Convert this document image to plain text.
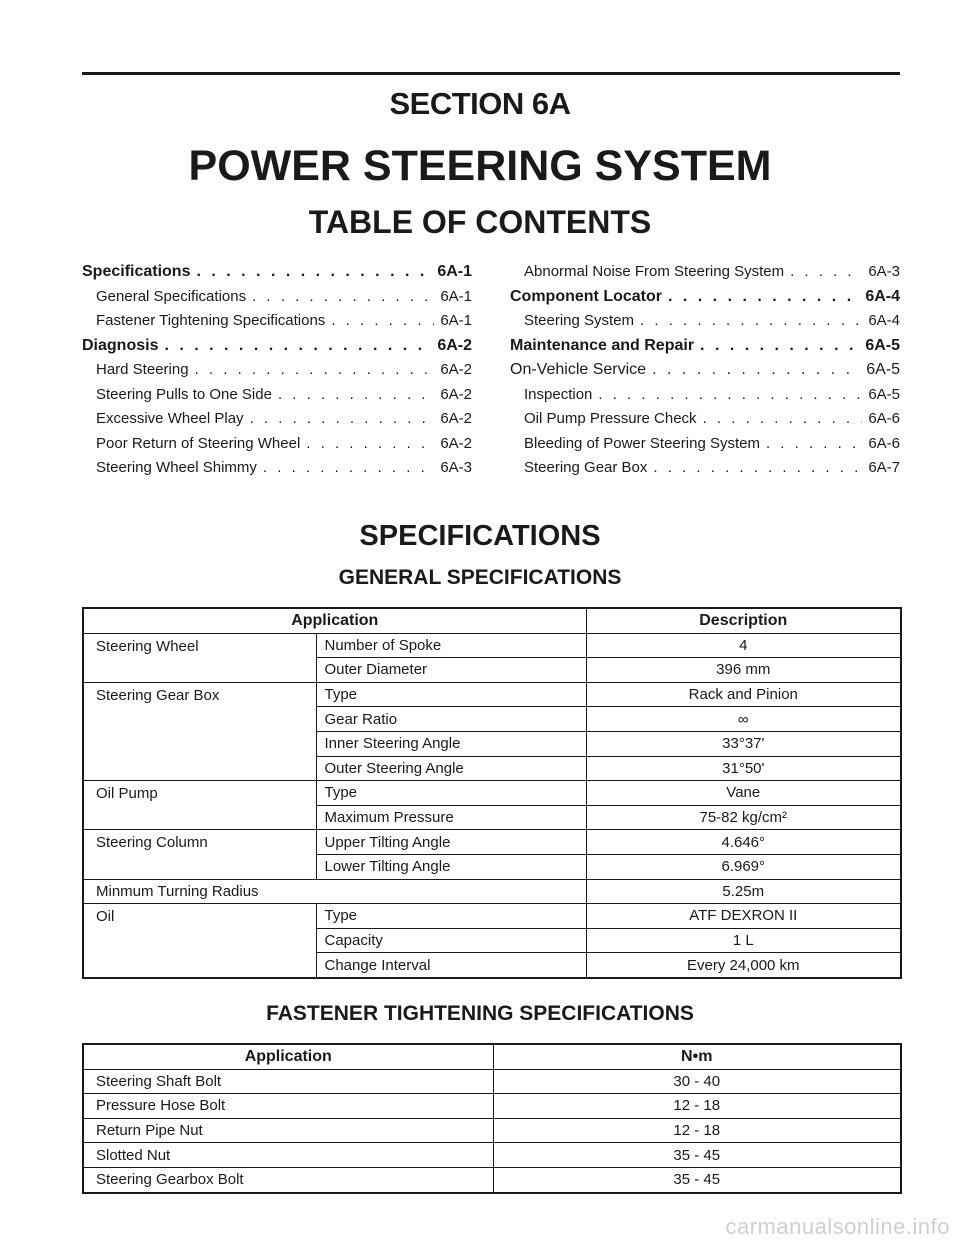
SECTION 6A
POWER STEERING SYSTEM
TABLE OF CONTENTS
Specifications . . .	6A-1
General Specifications . . .	6A-1
Fastener Tightening Specifications . . .	6A-1
Diagnosis . . .	6A-2
Hard Steering . . .	6A-2
Steering Pulls to One Side . . .	6A-2
Excessive Wheel Play . . .	6A-2
Poor Return of Steering Wheel . . .	6A-2
Steering Wheel Shimmy . . .	6A-3
Abnormal Noise From Steering System . . .	6A-3
Component Locator . . .	6A-4
Steering System . . .	6A-4
Maintenance and Repair . . .	6A-5
On-Vehicle Service . . .	6A-5
Inspection . . .	6A-5
Oil Pump Pressure Check . . .	6A-6
Bleeding of Power Steering System . . .	6A-6
Steering Gear Box . . .	6A-7
SPECIFICATIONS
GENERAL SPECIFICATIONS
Application		Description
Steering Wheel	Number of Spoke	4
	Outer Diameter	396 mm
Steering Gear Box	Type	Rack and Pinion
	Gear Ratio	∞
	Inner Steering Angle	33°37'
	Outer Steering Angle	31°50'
Oil Pump	Type	Vane
	Maximum Pressure	75-82 kg/cm²
Steering Column	Upper Tilting Angle	4.646°
	Lower Tilting Angle	6.969°
Minmum Turning Radius		5.25m
Oil	Type	ATF DEXRON II
	Capacity	1 L
	Change Interval	Every 24,000 km
FASTENER TIGHTENING SPECIFICATIONS
Application	N•m
Steering Shaft Bolt	30 - 40
Pressure Hose Bolt	12 - 18
Return Pipe Nut	12 - 18
Slotted Nut	35 - 45
Steering Gearbox Bolt	35 - 45
carmanualsonline.info
